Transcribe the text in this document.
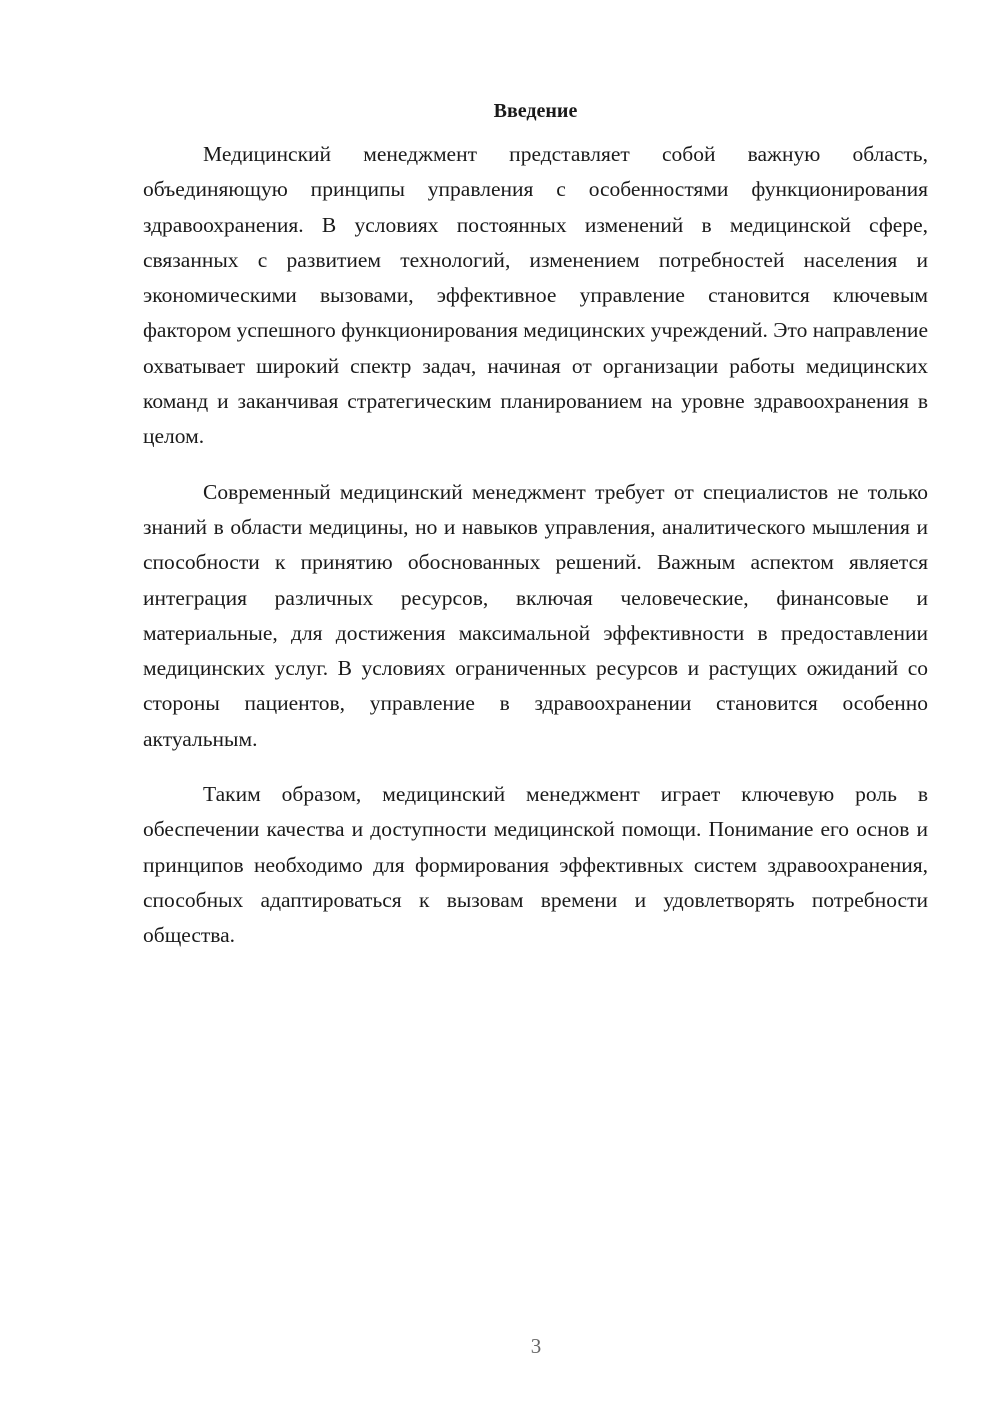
Введение

Медицинский менеджмент представляет собой важную область, объединяющую принципы управления с особенностями функционирования здравоохранения. В условиях постоянных изменений в медицинской сфере, связанных с развитием технологий, изменением потребностей населения и экономическими вызовами, эффективное управление становится ключевым фактором успешного функционирования медицинских учреждений. Это направление охватывает широкий спектр задач, начиная от организации работы медицинских команд и заканчивая стратегическим планированием на уровне здравоохранения в целом.

Современный медицинский менеджмент требует от специалистов не только знаний в области медицины, но и навыков управления, аналитического мышления и способности к принятию обоснованных решений. Важным аспектом является интеграция различных ресурсов, включая человеческие, финансовые и материальные, для достижения максимальной эффективности в предоставлении медицинских услуг. В условиях ограниченных ресурсов и растущих ожиданий со стороны пациентов, управление в здравоохранении становится особенно актуальным.

Таким образом, медицинский менеджмент играет ключевую роль в обеспечении качества и доступности медицинской помощи. Понимание его основ и принципов необходимо для формирования эффективных систем здравоохранения, способных адаптироваться к вызовам времени и удовлетворять потребности общества.

3
